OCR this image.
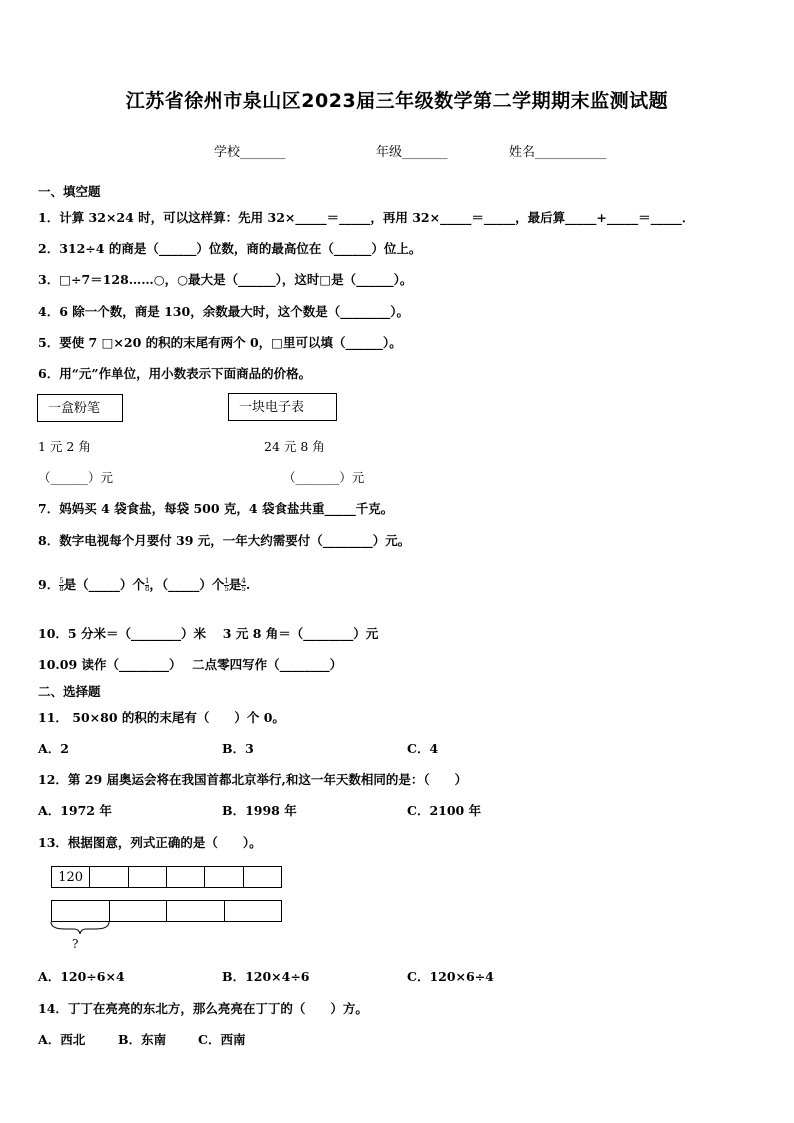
江苏省徐州市泉山区2023届三年级数学第二学期期末监测试题
学校_______	年级_______	姓名___________
一、填空题
1．计算 32×24 时，可以这样算：先用 32×_____＝_____，再用 32×_____＝_____，最后算_____+_____＝_____．
2．312÷4 的商是（______）位数，商的最高位在（______）位上。
3．□÷7＝128……○，○最大是（______），这时□是（______）。
4．6 除一个数，商是 130，余数最大时，这个数是（________）。
5．要使 7 □×20 的积的末尾有两个 0，□里可以填（______）。
6．用“元”作单位，用小数表示下面商品的价格。
一盒粉笔	一块电子表
1 元 2 角	24 元 8 角
（______）元	（_______）元
7．妈妈买 4 袋食盐，每袋 500 克，4 袋食盐共重_____千克。
8．数字电视每个月要付 39 元，一年大约需要付（________）元。
9． $\frac{5}{8}$ 是（_____）个 $\frac{1}{8}$ ，（_____）个 $\frac{1}{5}$ 是 $\frac{4}{5}$ .
10．5 分米＝（________）米　 3 元 8 角＝（________）元
10.09 读作（________）　 二点零四写作（________）
二、选择题
11． 50×80 的积的末尾有（　　）个 0。
A．2	B．3	C．4
12．第 29 届奥运会将在我国首都北京举行,和这一年天数相同的是：（　　）
A．1972 年	B．1998 年	C．2100 年
13．根据图意，列式正确的是（　　）。
120					

?
A．120÷6×4	B．120×4÷6	C．120×6÷4
14．丁丁在亮亮的东北方，那么亮亮在丁丁的（　　）方。
A．西北	B．东南	C．西南
